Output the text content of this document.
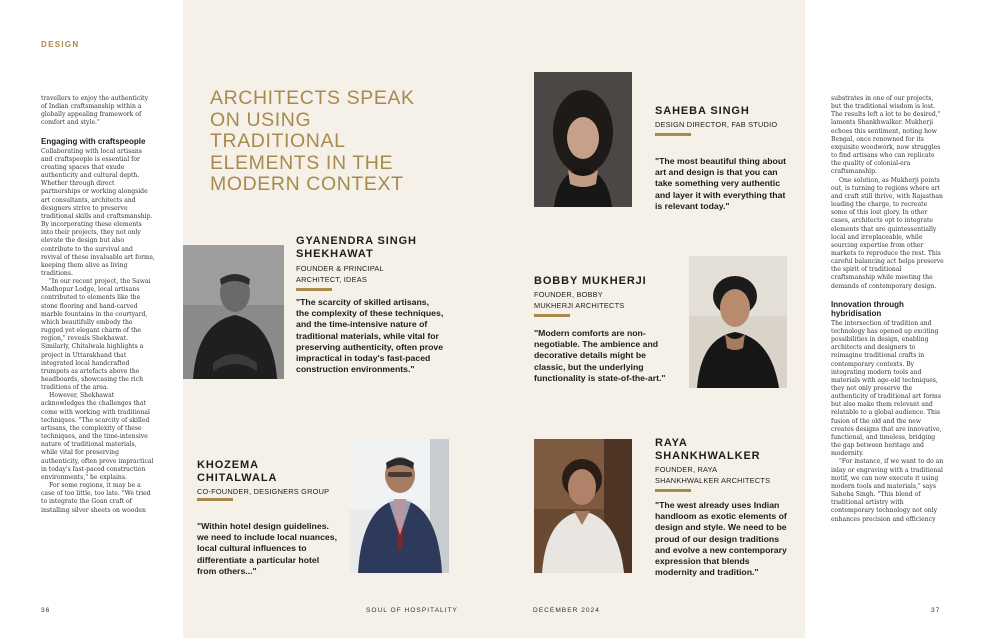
DESIGN

travellers to enjoy the authenticity of Indian craftsmanship within a globally appealing framework of comfort and style."

Engaging with craftspeople

Collaborating with local artisans and craftspeople is essential for creating spaces that exude authenticity and cultural depth. Whether through direct partnerships or working alongside art consultants, architects and designers strive to preserve traditional skills and craftsmanship. By incorporating these elements into their projects, they not only elevate the design but also contribute to the survival and revival of these invaluable art forms, keeping them alive as living traditions.

"In our recent project, the Sawai Madhopur Lodge, local artisans contributed to elements like the stone flooring and hand-carved marble fountains in the courtyard, which beautifully embody the rugged yet elegant charm of the region," reveals Shekhawat. Similarly, Chitalwala highlights a project in Uttarakhand that integrated local handcrafted trumpets as artefacts above the headboards, showcasing the rich traditions of the area.

However, Shekhawat acknowledges the challenges that come with working with traditional techniques. "The scarcity of skilled artisans, the complexity of these techniques, and the time-intensive nature of traditional materials, while vital for preserving authenticity, often prove impractical in today's fast-paced construction environments," he explains.

For some regions, it may be a case of too little, too late. "We tried to integrate the Goan craft of installing silver sheets on wooden

ARCHITECTS SPEAK ON USING TRADITIONAL ELEMENTS IN THE MODERN CONTEXT
SAHEBA SINGH
DESIGN DIRECTOR, FAB STUDIO
"The most beautiful thing about art and design is that you can take something very authentic and layer it with everything that is relevant today."
GYANENDRA SINGH
SHEKHAWAT
FOUNDER & PRINCIPAL
ARCHITECT, IDEAS
"The scarcity of skilled artisans, the complexity of these techniques, and the time-intensive nature of traditional materials, while vital for preserving authenticity, often prove impractical in today's fast-paced construction environments."
BOBBY MUKHERJI
FOUNDER, BOBBY
MUKHERJI ARCHITECTS
"Modern comforts are non-negotiable. The ambience and decorative details might be classic, but the underlying functionality is state-of-the-art."
KHOZEMA
CHITALWALA
CO-FOUNDER, DESIGNERS GROUP
"Within hotel design guidelines. we need to include local nuances, local cultural influences to differentiate a particular hotel from others..."
RAYA
SHANKHWALKER
FOUNDER, RAYA
SHANKHWALKER ARCHITECTS
"The west already uses Indian handloom as exotic elements of design and style. We need to be proud of our design traditions and evolve a new contemporary expression that blends modernity and tradition."

substrates in one of our projects, but the traditional wisdom is lost. The results left a lot to be desired," laments Shankhwalker. Mukherji echoes this sentiment, noting how Bengal, once renowned for its exquisite woodwork, now struggles to find artisans who can replicate the quality of colonial-era craftsmanship.

One solution, as Mukherji points out, is turning to regions where art and craft still thrive, with Rajasthan leading the charge, to recreate some of this lost glory. In other cases, architects opt to integrate elements that are quintessentially local and irreplaceable, while sourcing expertise from other markets to reproduce the rest. This careful balancing act helps preserve the spirit of traditional craftsmanship while meeting the demands of contemporary design.

Innovation through hybridisation

The intersection of tradition and technology has opened up exciting possibilities in design, enabling architects and designers to reimagine traditional crafts in contemporary contexts. By integrating modern tools and materials with age-old techniques, they not only preserve the authenticity of traditional art forms but also make them relevant and relatable to a global audience. This fusion of the old and the new creates designs that are innovative, functional, and timeless, bridging the gap between heritage and modernity.

"For instance, if we want to do an inlay or engraving with a traditional motif, we can now execute it using modern tools and materials," says Saheba Singh. "This blend of traditional artistry with contemporary technology not only enhances precision and efficiency

36	SOUL OF HOSPITALITY	DECEMBER 2024	37
